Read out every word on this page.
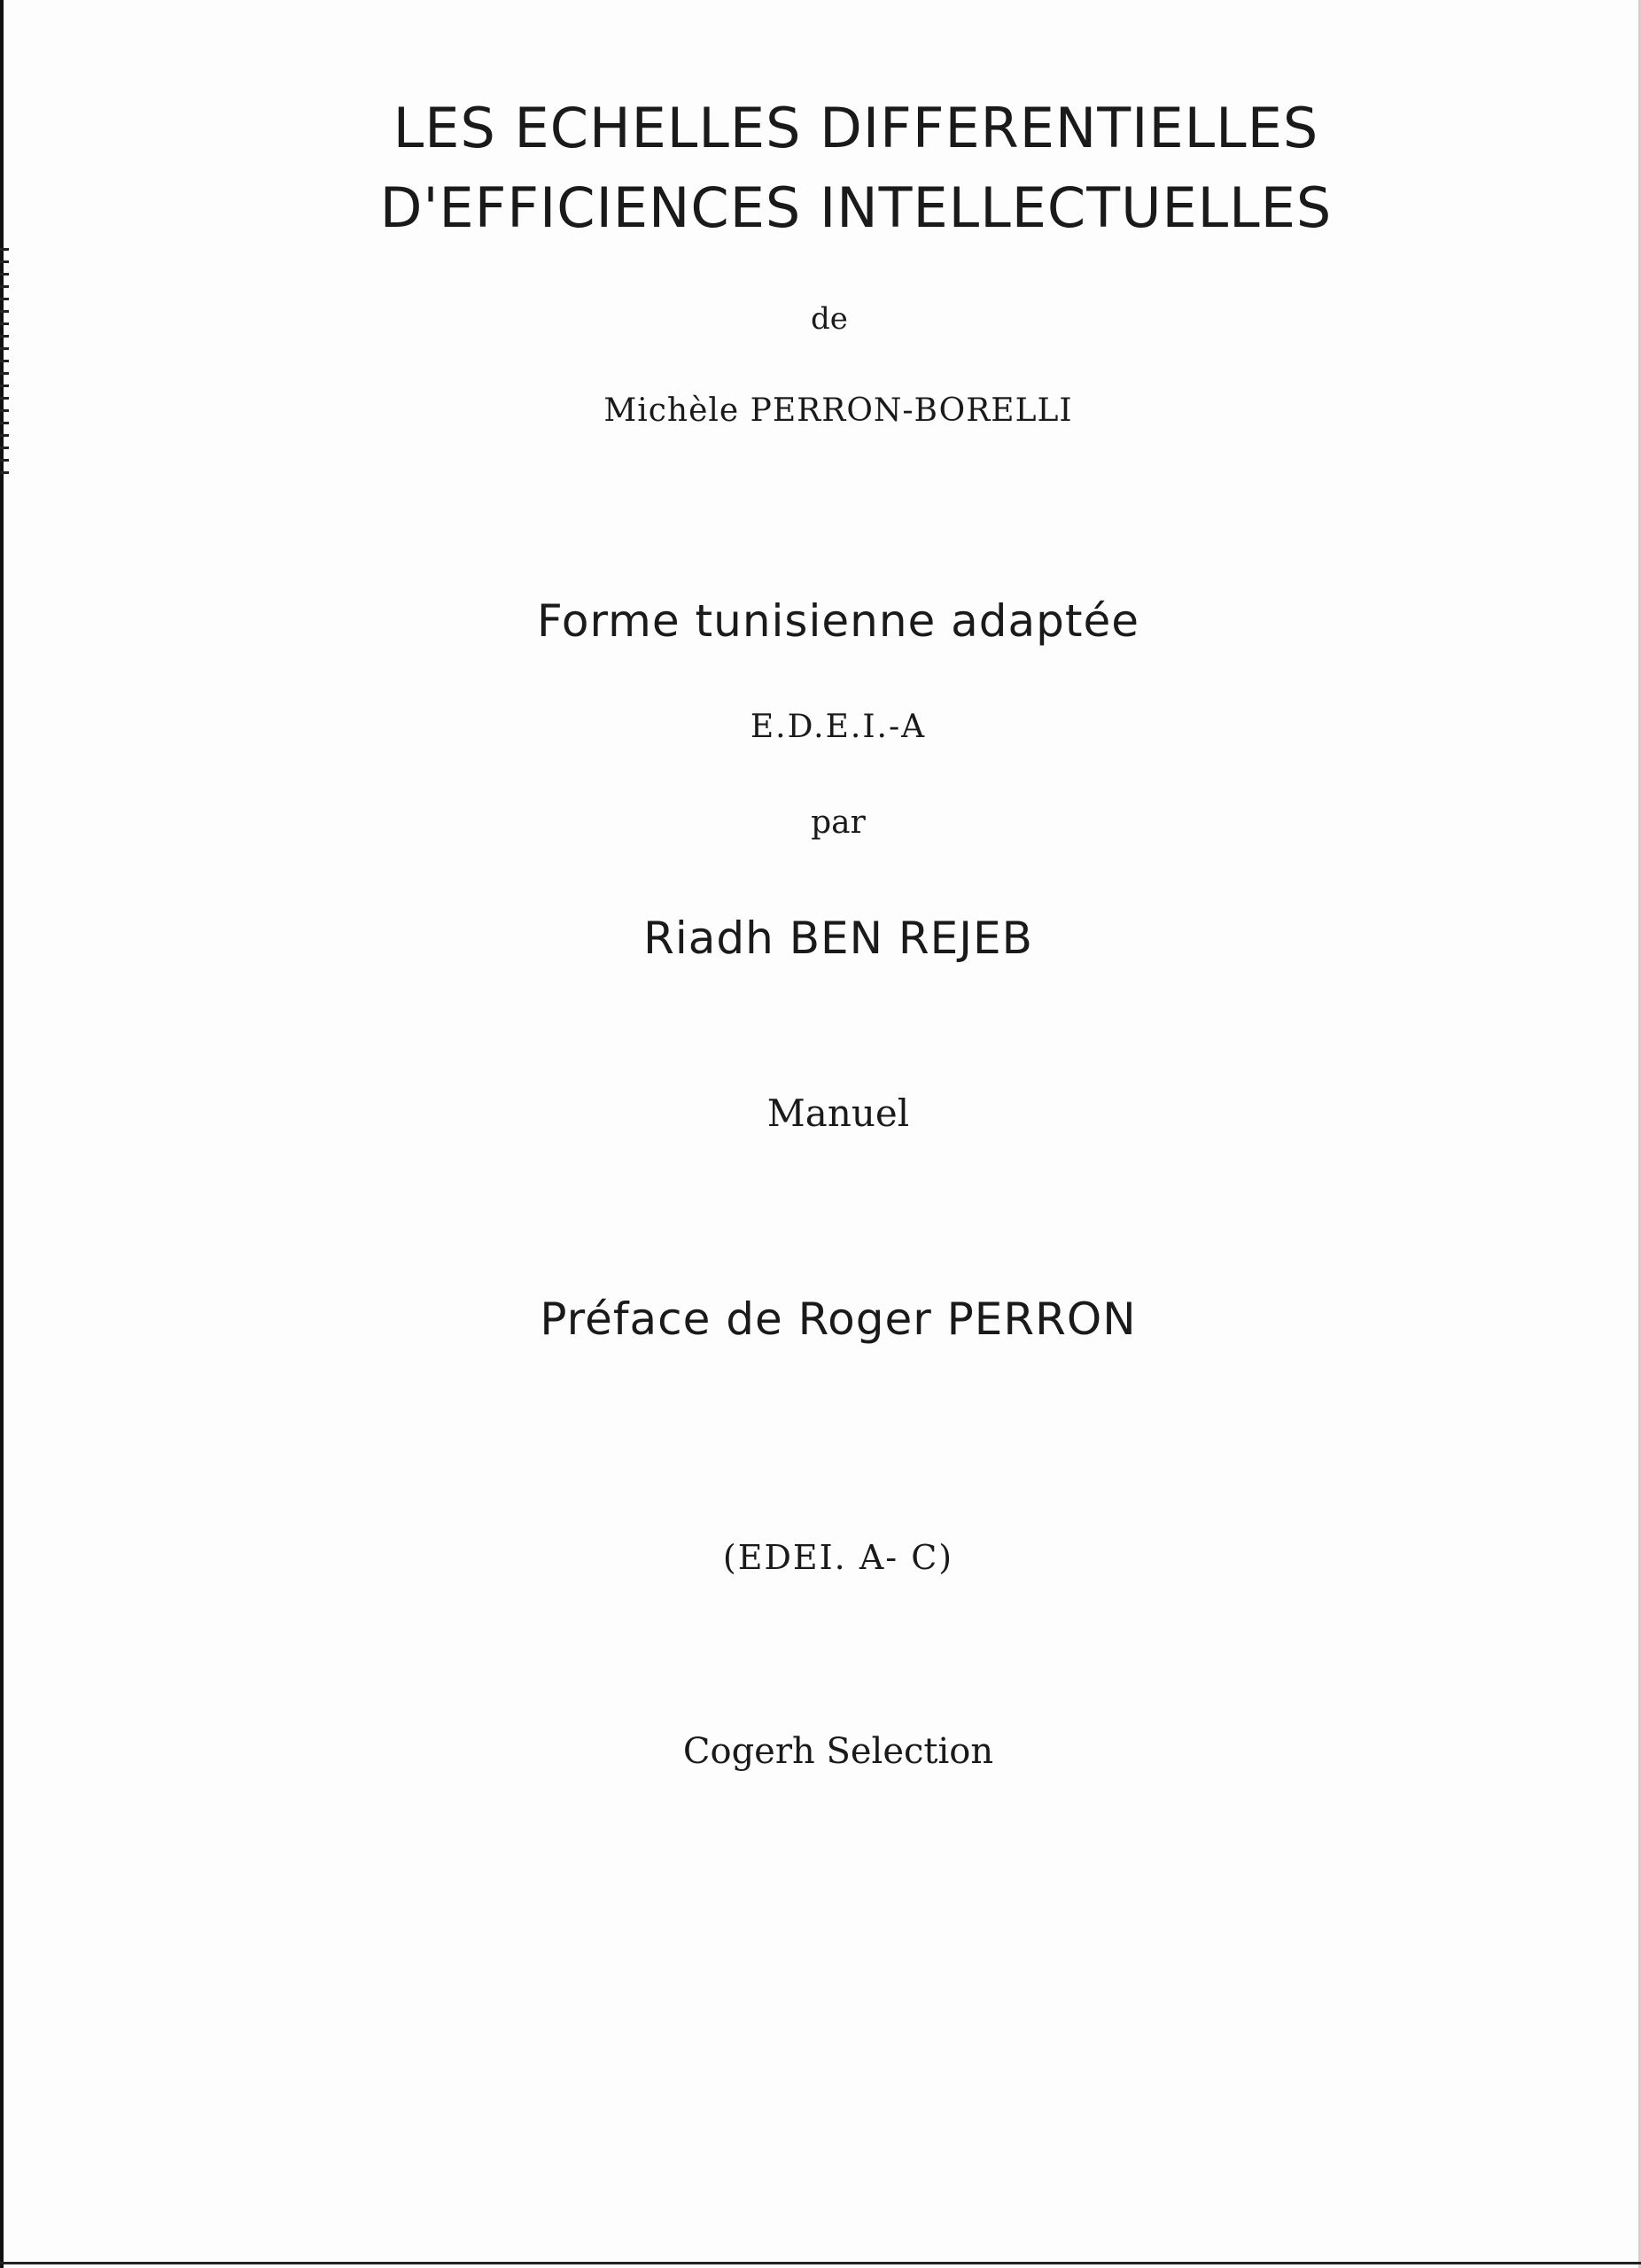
LES ECHELLES DIFFERENTIELLES
D'EFFICIENCES INTELLECTUELLES
de
Michèle PERRON-BORELLI
Forme tunisienne adaptée
E.D.E.I.-A
par
Riadh BEN REJEB
Manuel
Préface de Roger PERRON
(EDEI. A- C)
Cogerh Selection
